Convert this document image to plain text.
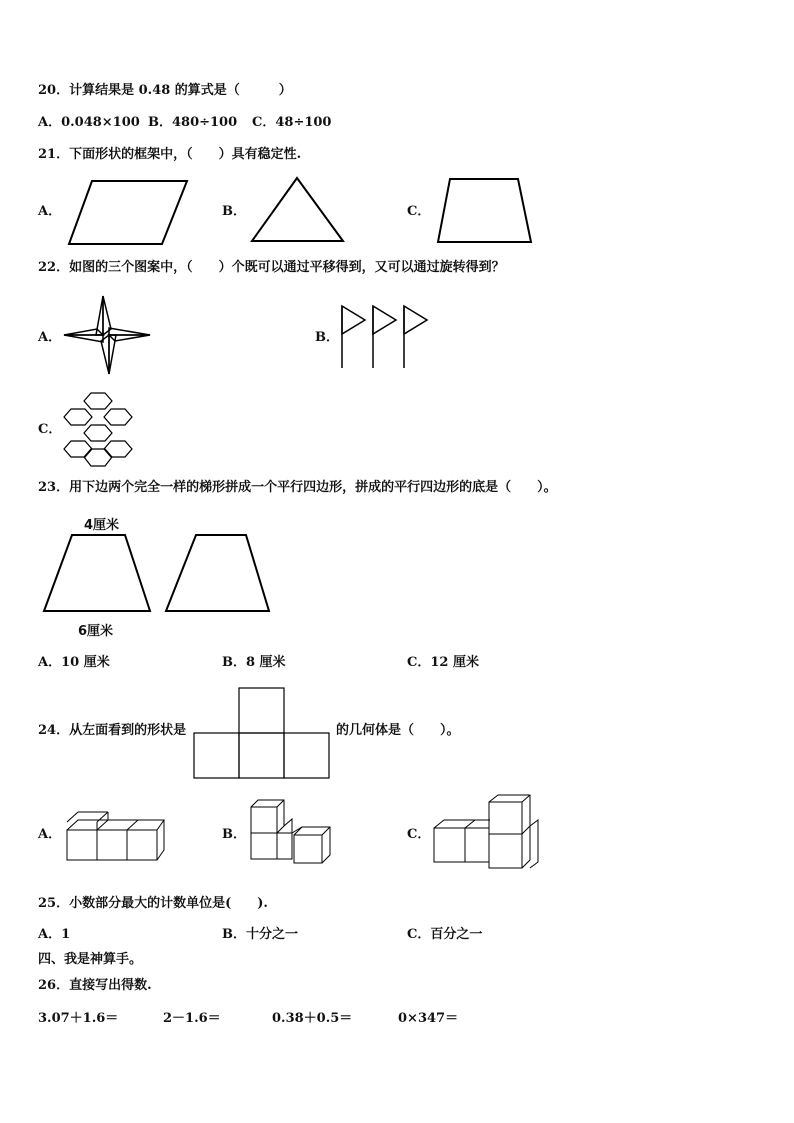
20．计算结果是 0.48 的算式是（　　　）
A．0.048×100 B．480÷100 C．48÷100
21．下面形状的框架中，（　　）具有稳定性.
A．	B．	C．
22．如图的三个图案中，（　　）个既可以通过平移得到，又可以通过旋转得到？
A．	B．
C．
23．用下边两个完全一样的梯形拼成一个平行四边形，拼成的平行四边形的底是（　　）。
4厘米
6厘米
A．10 厘米	B．8 厘米	C．12 厘米
24．从左面看到的形状是	的几何体是（　　）。
A．	B．	C．
25．小数部分最大的计数单位是(　　).
A．1	B．十分之一	C．百分之一
四、我是神算手。
26．直接写出得数.
3.07＋1.6＝	2－1.6＝	0.38＋0.5＝	0×347＝
